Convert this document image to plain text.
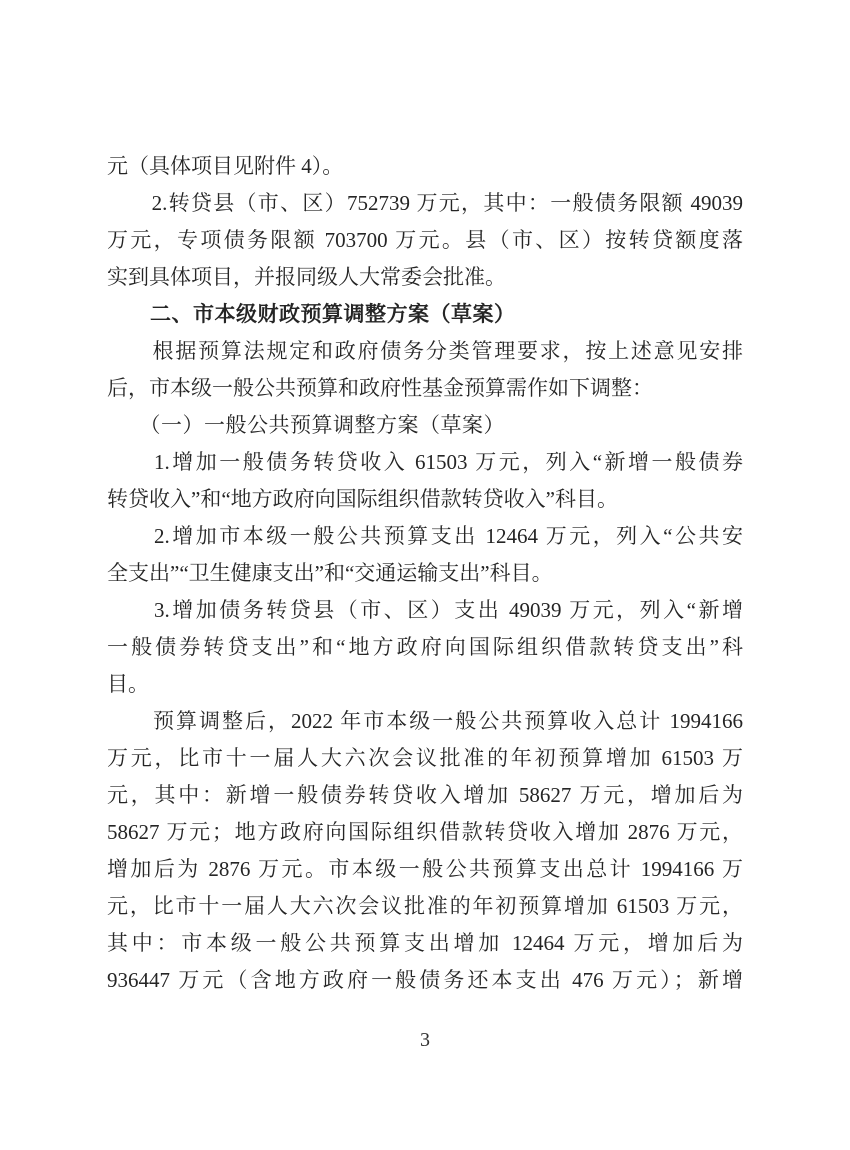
元（具体项目见附件 4）。
　　2.转贷县（市、区）752739 万元，其中：一般债务限额 49039
万元，专项债务限额 703700 万元。县（市、区）按转贷额度落
实到具体项目，并报同级人大常委会批准。
　　二、市本级财政预算调整方案（草案）
　　根据预算法规定和政府债务分类管理要求，按上述意见安排
后，市本级一般公共预算和政府性基金预算需作如下调整：
　　（一）一般公共预算调整方案（草案）
　　1.增加一般债务转贷收入 61503 万元，列入“新增一般债券
转贷收入”和“地方政府向国际组织借款转贷收入”科目。
　　2.增加市本级一般公共预算支出 12464 万元，列入“公共安
全支出”“卫生健康支出”和“交通运输支出”科目。
　　3.增加债务转贷县（市、区）支出 49039 万元，列入“新增
一般债券转贷支出”和“地方政府向国际组织借款转贷支出”科
目。
　　预算调整后，2022 年市本级一般公共预算收入总计 1994166
万元，比市十一届人大六次会议批准的年初预算增加 61503 万
元，其中：新增一般债券转贷收入增加 58627 万元，增加后为
58627 万元；地方政府向国际组织借款转贷收入增加 2876 万元，
增加后为 2876 万元。市本级一般公共预算支出总计 1994166 万
元，比市十一届人大六次会议批准的年初预算增加 61503 万元，
其中：市本级一般公共预算支出增加 12464 万元，增加后为
936447 万元（含地方政府一般债务还本支出 476 万元）；新增
3
